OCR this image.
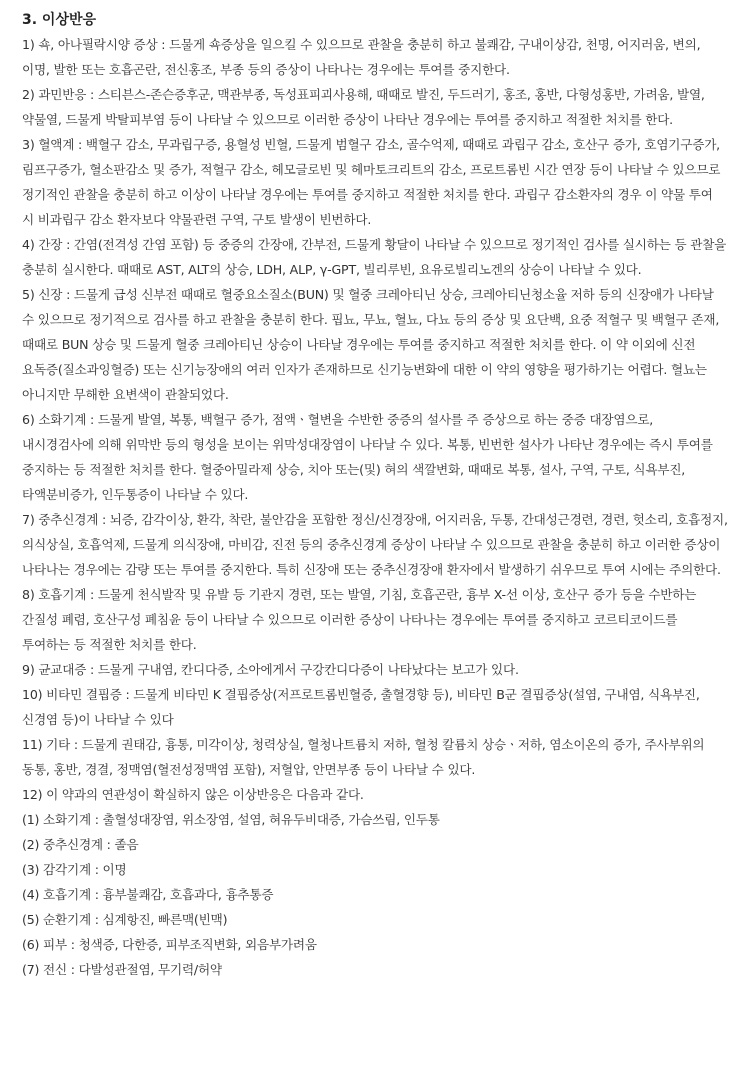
3. 이상반응

1) 쇽, 아나필락시양 증상 : 드물게 쇽증상을 일으킬 수 있으므로 관찰을 충분히 하고 불쾌감, 구내이상감, 천명, 어지러움, 변의, 이명, 발한 또는 호흡곤란, 전신홍조, 부종 등의 증상이 나타나는 경우에는 투여를 중지한다.

2) 과민반응 : 스티븐스-존슨증후군, 맥관부종, 독성표피괴사용해, 때때로 발진, 두드러기, 홍조, 홍반, 다형성홍반, 가려움, 발열, 약물열, 드물게 박탈피부염 등이 나타날 수 있으므로 이러한 증상이 나타난 경우에는 투여를 중지하고 적절한 처치를 한다.

3) 혈액계 : 백혈구 감소, 무과립구증, 용혈성 빈혈, 드물게 범혈구 감소, 골수억제, 때때로 과립구 감소, 호산구 증가, 호염기구증가, 림프구증가, 혈소판감소 및 증가, 적혈구 감소, 헤모글로빈 및 헤마토크리트의 감소, 프로트롬빈 시간 연장 등이 나타날 수 있으므로 정기적인 관찰을 충분히 하고 이상이 나타날 경우에는 투여를 중지하고 적절한 처치를 한다. 과립구 감소환자의 경우 이 약물 투여 시 비과립구 감소 환자보다 약물관련 구역, 구토 발생이 빈번하다.

4) 간장 : 간염(전격성 간염 포함) 등 중증의 간장애, 간부전, 드물게 황달이 나타날 수 있으므로 정기적인 검사를 실시하는 등 관찰을 충분히 실시한다. 때때로 AST, ALT의 상승, LDH, ALP, γ-GPT, 빌리루빈, 요유로빌리노겐의 상승이 나타날 수 있다.

5) 신장 : 드물게 급성 신부전 때때로 혈중요소질소(BUN) 및 혈중 크레아티닌 상승, 크레아티닌청소율 저하 등의 신장애가 나타날 수 있으므로 정기적으로 검사를 하고 관찰을 충분히 한다. 핍뇨, 무뇨, 혈뇨, 다뇨 등의 증상 및 요단백, 요중 적혈구 및 백혈구 존재, 때때로 BUN 상승 및 드물게 혈중 크레아티닌 상승이 나타날 경우에는 투여를 중지하고 적절한 처치를 한다. 이 약 이외에 신전 요독증(질소과잉혈증) 또는 신기능장애의 여러 인자가 존재하므로 신기능변화에 대한 이 약의 영향을 평가하기는 어렵다. 혈뇨는 아니지만 무해한 요변색이 관찰되었다.

6) 소화기계 : 드물게 발열, 복통, 백혈구 증가, 점액ㆍ혈변을 수반한 중증의 설사를 주 증상으로 하는 중증 대장염으로, 내시경검사에 의해 위막반 등의 형성을 보이는 위막성대장염이 나타날 수 있다. 복통, 빈번한 설사가 나타난 경우에는 즉시 투여를 중지하는 등 적절한 처치를 한다. 혈중아밀라제 상승, 치아 또는(및) 혀의 색깔변화, 때때로 복통, 설사, 구역, 구토, 식욕부진, 타액분비증가, 인두통증이 나타날 수 있다.

7) 중추신경계 : 뇌증, 감각이상, 환각, 착란, 불안감을 포함한 정신/신경장애, 어지러움, 두통, 간대성근경련, 경련, 헛소리, 호흡정지, 의식상실, 호흡억제, 드물게 의식장애, 마비감, 진전 등의 중추신경계 증상이 나타날 수 있으므로 관찰을 충분히 하고 이러한 증상이 나타나는 경우에는 감량 또는 투여를 중지한다. 특히 신장애 또는 중추신경장애 환자에서 발생하기 쉬우므로 투여 시에는 주의한다.

8) 호흡기계 : 드물게 천식발작 및 유발 등 기관지 경련, 또는 발열, 기침, 호흡곤란, 흉부 X-선 이상, 호산구 증가 등을 수반하는 간질성 폐렴, 호산구성 폐침윤 등이 나타날 수 있으므로 이러한 증상이 나타나는 경우에는 투여를 중지하고 코르티코이드를 투여하는 등 적절한 처치를 한다.

9) 균교대증 : 드물게 구내염, 칸디다증, 소아에게서 구강칸디다증이 나타났다는 보고가 있다.

10) 비타민 결핍증 : 드물게 비타민 K 결핍증상(저프로트롬빈혈증, 출혈경향 등), 비타민 B군 결핍증상(설염, 구내염, 식욕부진, 신경염 등)이 나타날 수 있다

11) 기타 : 드물게 권태감, 흉통, 미각이상, 청력상실, 혈청나트륨치 저하, 혈청 칼륨치 상승ㆍ저하, 염소이온의 증가, 주사부위의 동통, 홍반, 경결, 정맥염(혈전성정맥염 포함), 저혈압, 안면부종 등이 나타날 수 있다.

12) 이 약과의 연관성이 확실하지 않은 이상반응은 다음과 같다.

(1) 소화기계 : 출혈성대장염, 위소장염, 설염, 혀유두비대증, 가슴쓰림, 인두통

(2) 중추신경계 : 졸음

(3) 감각기계 : 이명

(4) 호흡기계 : 흉부불쾌감, 호흡과다, 흉추통증

(5) 순환기계 : 심계항진, 빠른맥(빈맥)

(6) 피부 : 청색증, 다한증, 피부조직변화, 외음부가려움

(7) 전신 : 다발성관절염, 무기력/허약
